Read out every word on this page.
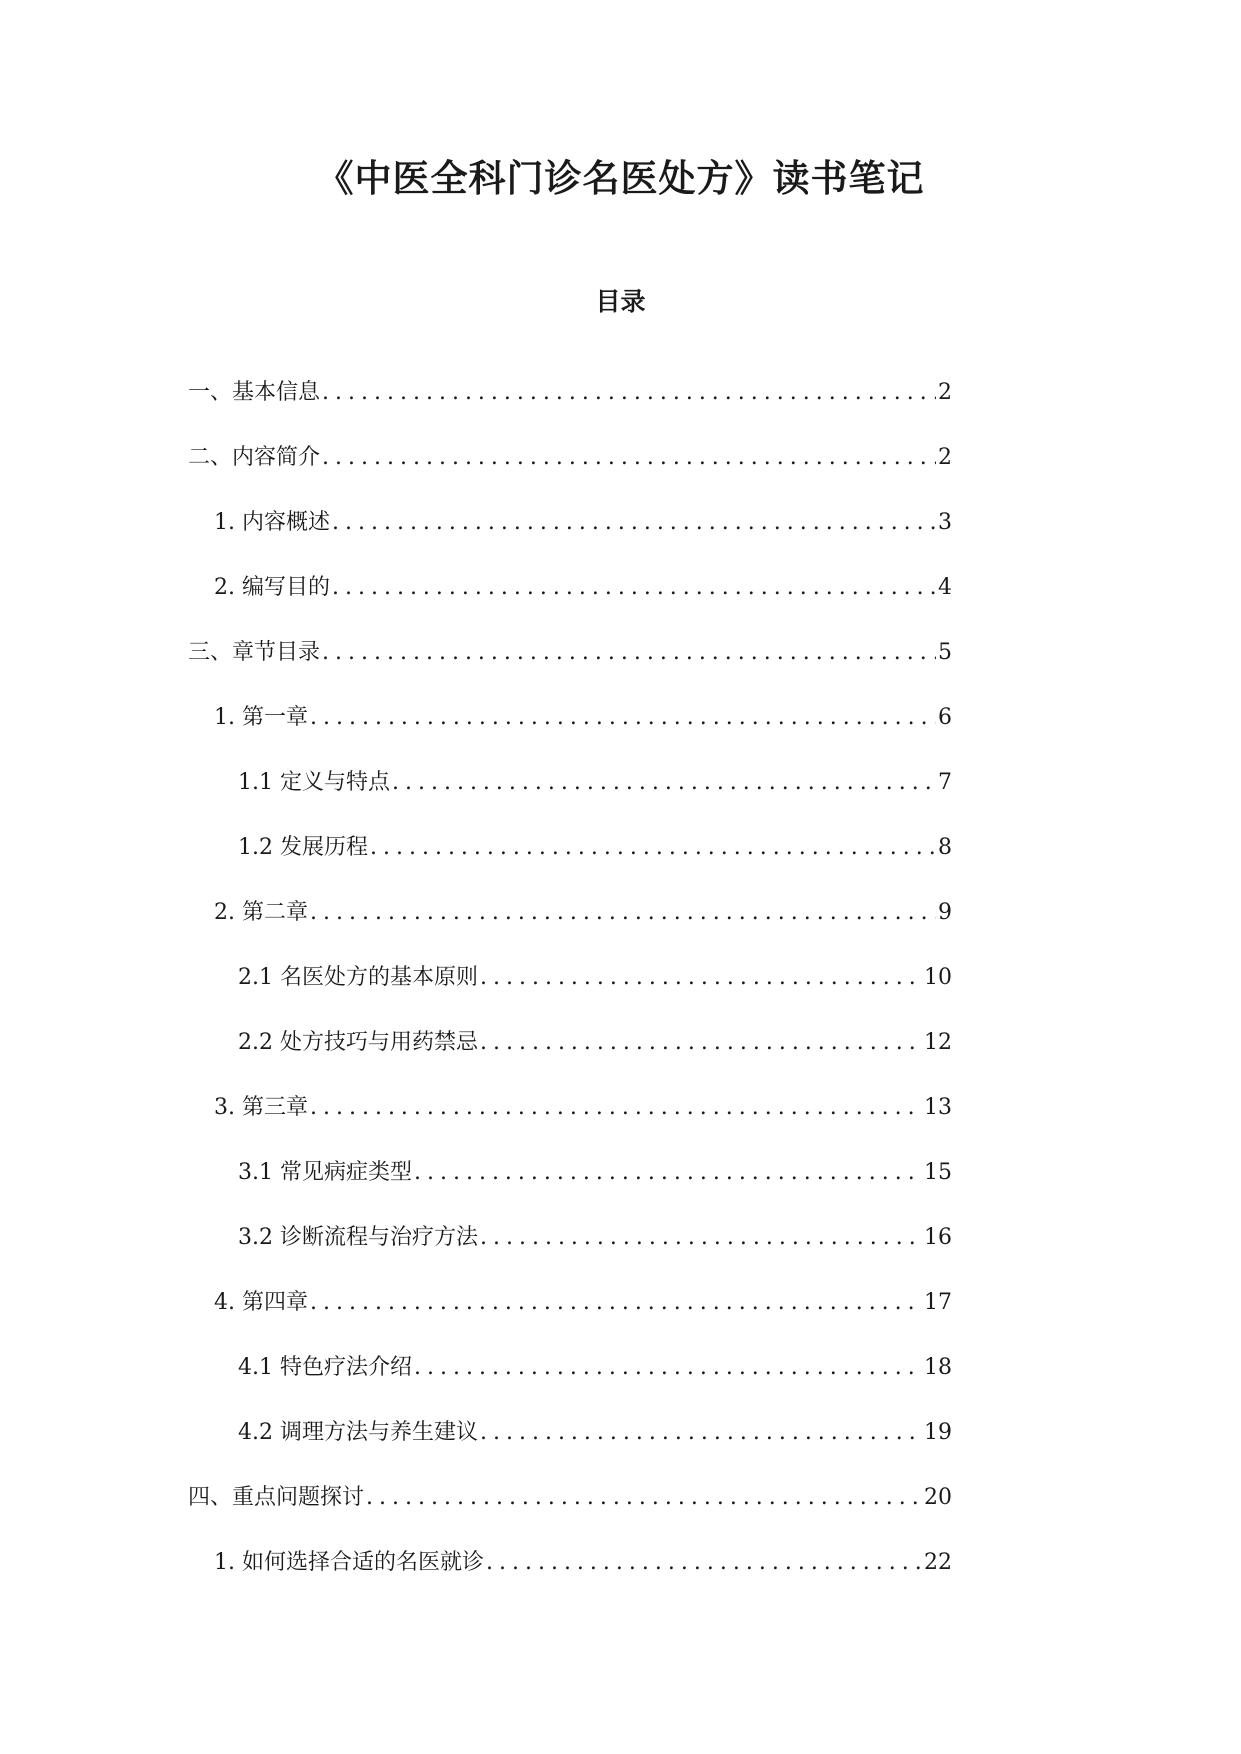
《中医全科门诊名医处方》读书笔记
目录
一、基本信息 .....	2
二、内容简介 .....	2
1. 内容概述 .....	3
2. 编写目的 .....	4
三、章节目录 .....	5
1. 第一章 .....	6
1.1 定义与特点 .....	7
1.2 发展历程 .....	8
2. 第二章 .....	9
2.1 名医处方的基本原则 .....	10
2.2 处方技巧与用药禁忌 .....	12
3. 第三章 .....	13
3.1 常见病症类型 .....	15
3.2 诊断流程与治疗方法 .....	16
4. 第四章 .....	17
4.1 特色疗法介绍 .....	18
4.2 调理方法与养生建议 .....	19
四、重点问题探讨 .....	20
1. 如何选择合适的名医就诊 .....	22
